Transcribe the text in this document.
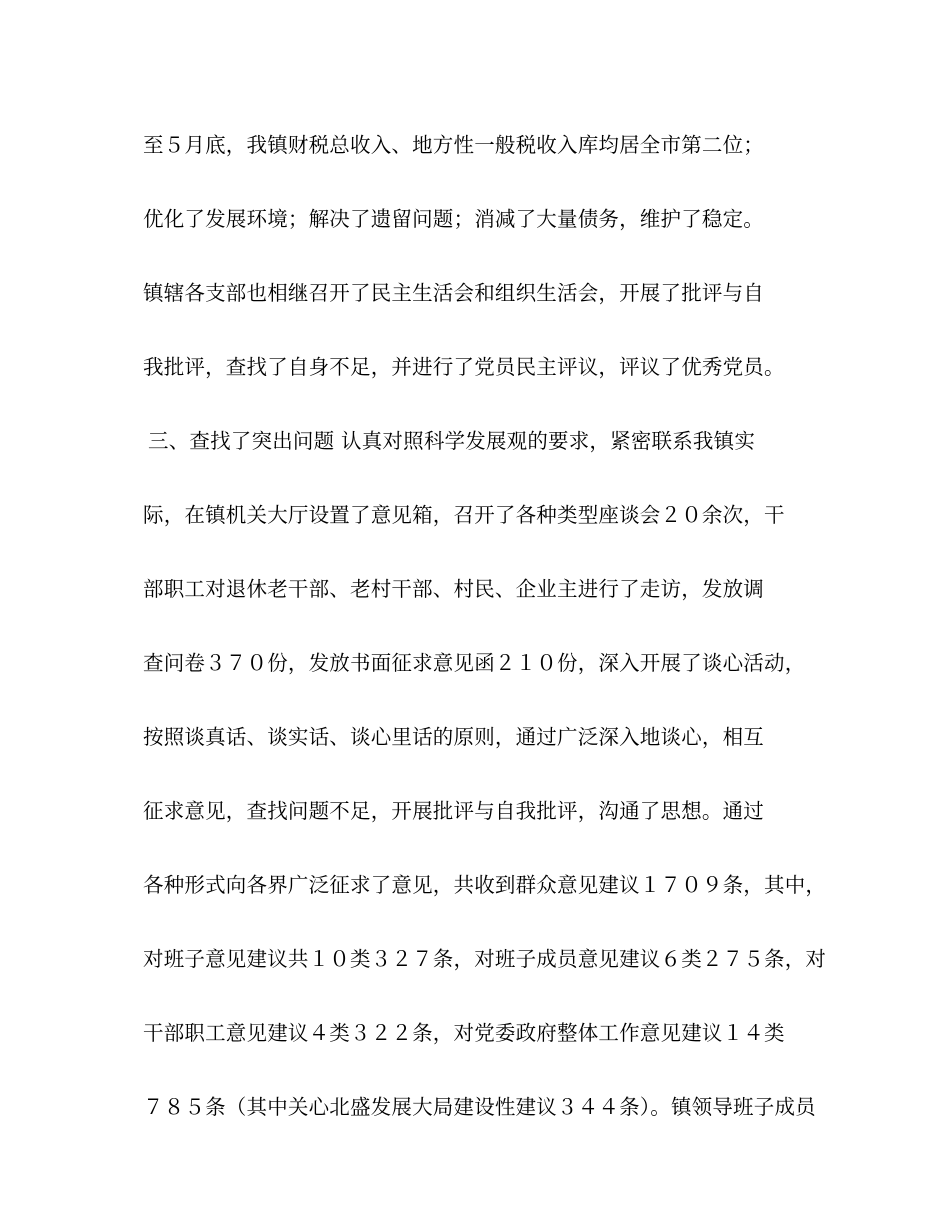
至５月底，我镇财税总收入、地方性一般税收入库均居全市第二位；
优化了发展环境；解决了遗留问题；消减了大量债务，维护了稳定。
镇辖各支部也相继召开了民主生活会和组织生活会，开展了批评与自
我批评，查找了自身不足，并进行了党员民主评议，评议了优秀党员。
三、查找了突出问题 认真对照科学发展观的要求，紧密联系我镇实
际，在镇机关大厅设置了意见箱，召开了各种类型座谈会２０余次，干
部职工对退休老干部、老村干部、村民、企业主进行了走访，发放调
查问卷３７０份，发放书面征求意见函２１０份，深入开展了谈心活动，
按照谈真话、谈实话、谈心里话的原则，通过广泛深入地谈心，相互
征求意见，查找问题不足，开展批评与自我批评，沟通了思想。通过
各种形式向各界广泛征求了意见，共收到群众意见建议１７０９条，其中，
对班子意见建议共１０类３２７条，对班子成员意见建议６类２７５条，对
干部职工意见建议４类３２２条，对党委政府整体工作意见建议１４类
７８５条（其中关心北盛发展大局建设性建议３４４条）。镇领导班子成员
